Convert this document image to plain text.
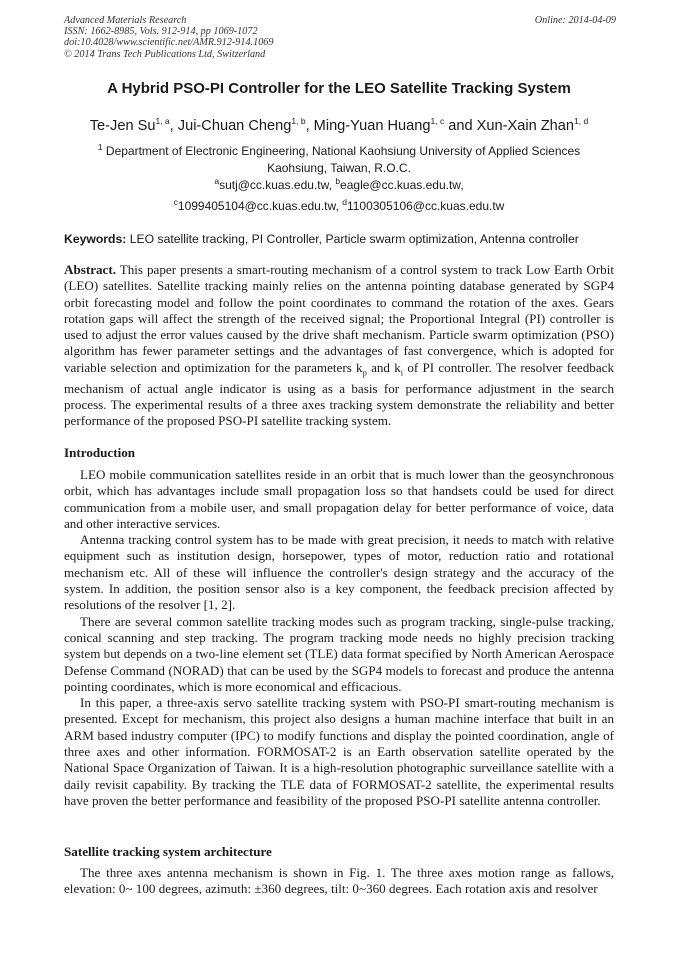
Advanced Materials Research
ISSN: 1662-8985, Vols. 912-914, pp 1069-1072
doi:10.4028/www.scientific.net/AMR.912-914.1069
© 2014 Trans Tech Publications Ltd, Switzerland
Online: 2014-04-09
A Hybrid PSO-PI Controller for the LEO Satellite Tracking System
Te-Jen Su$^{1, a}$, Jui-Chuan Cheng$^{1, b}$, Ming-Yuan Huang$^{1, c}$ and Xun-Xain Zhan$^{1, d}$
$^1$ Department of Electronic Engineering, National Kaohsiung University of Applied Sciences
Kaohsiung, Taiwan, R.O.C.
$^a$sutj@cc.kuas.edu.tw, $^b$eagle@cc.kuas.edu.tw,
$^c$1099405104@cc.kuas.edu.tw, $^d$1100305106@cc.kuas.edu.tw
Keywords: LEO satellite tracking, PI Controller, Particle swarm optimization, Antenna controller

Abstract. This paper presents a smart-routing mechanism of a control system to track Low Earth Orbit (LEO) satellites. Satellite tracking mainly relies on the antenna pointing database generated by SGP4 orbit forecasting model and follow the point coordinates to command the rotation of the axes. Gears rotation gaps will affect the strength of the received signal; the Proportional Integral (PI) controller is used to adjust the error values caused by the drive shaft mechanism. Particle swarm optimization (PSO) algorithm has fewer parameter settings and the advantages of fast convergence, which is adopted for variable selection and optimization for the parameters $k_p$ and $k_i$ of PI controller. The resolver feedback mechanism of actual angle indicator is using as a basis for performance adjustment in the search process. The experimental results of a three axes tracking system demonstrate the reliability and better performance of the proposed PSO-PI satellite tracking system.

Introduction

LEO mobile communication satellites reside in an orbit that is much lower than the geosynchronous orbit, which has advantages include small propagation loss so that handsets could be used for direct communication from a mobile user, and small propagation delay for better performance of voice, data and other interactive services.

Antenna tracking control system has to be made with great precision, it needs to match with relative equipment such as institution design, horsepower, types of motor, reduction ratio and rotational mechanism etc. All of these will influence the controller's design strategy and the accuracy of the system. In addition, the position sensor also is a key component, the feedback precision affected by resolutions of the resolver [1, 2].

There are several common satellite tracking modes such as program tracking, single-pulse tracking, conical scanning and step tracking. The program tracking mode needs no highly precision tracking system but depends on a two-line element set (TLE) data format specified by North American Aerospace Defense Command (NORAD) that can be used by the SGP4 models to forecast and produce the antenna pointing coordinates, which is more economical and efficacious.

In this paper, a three-axis servo satellite tracking system with PSO-PI smart-routing mechanism is presented. Except for mechanism, this project also designs a human machine interface that built in an ARM based industry computer (IPC) to modify functions and display the pointed coordination, angle of three axes and other information. FORMOSAT-2 is an Earth observation satellite operated by the National Space Organization of Taiwan. It is a high-resolution photographic surveillance satellite with a daily revisit capability. By tracking the TLE data of FORMOSAT-2 satellite, the experimental results have proven the better performance and feasibility of the proposed PSO-PI satellite antenna controller.

Satellite tracking system architecture

The three axes antenna mechanism is shown in Fig. 1. The three axes motion range as fallows, elevation: 0~ 100 degrees, azimuth: ±360 degrees, tilt: 0~360 degrees. Each rotation axis and resolver
